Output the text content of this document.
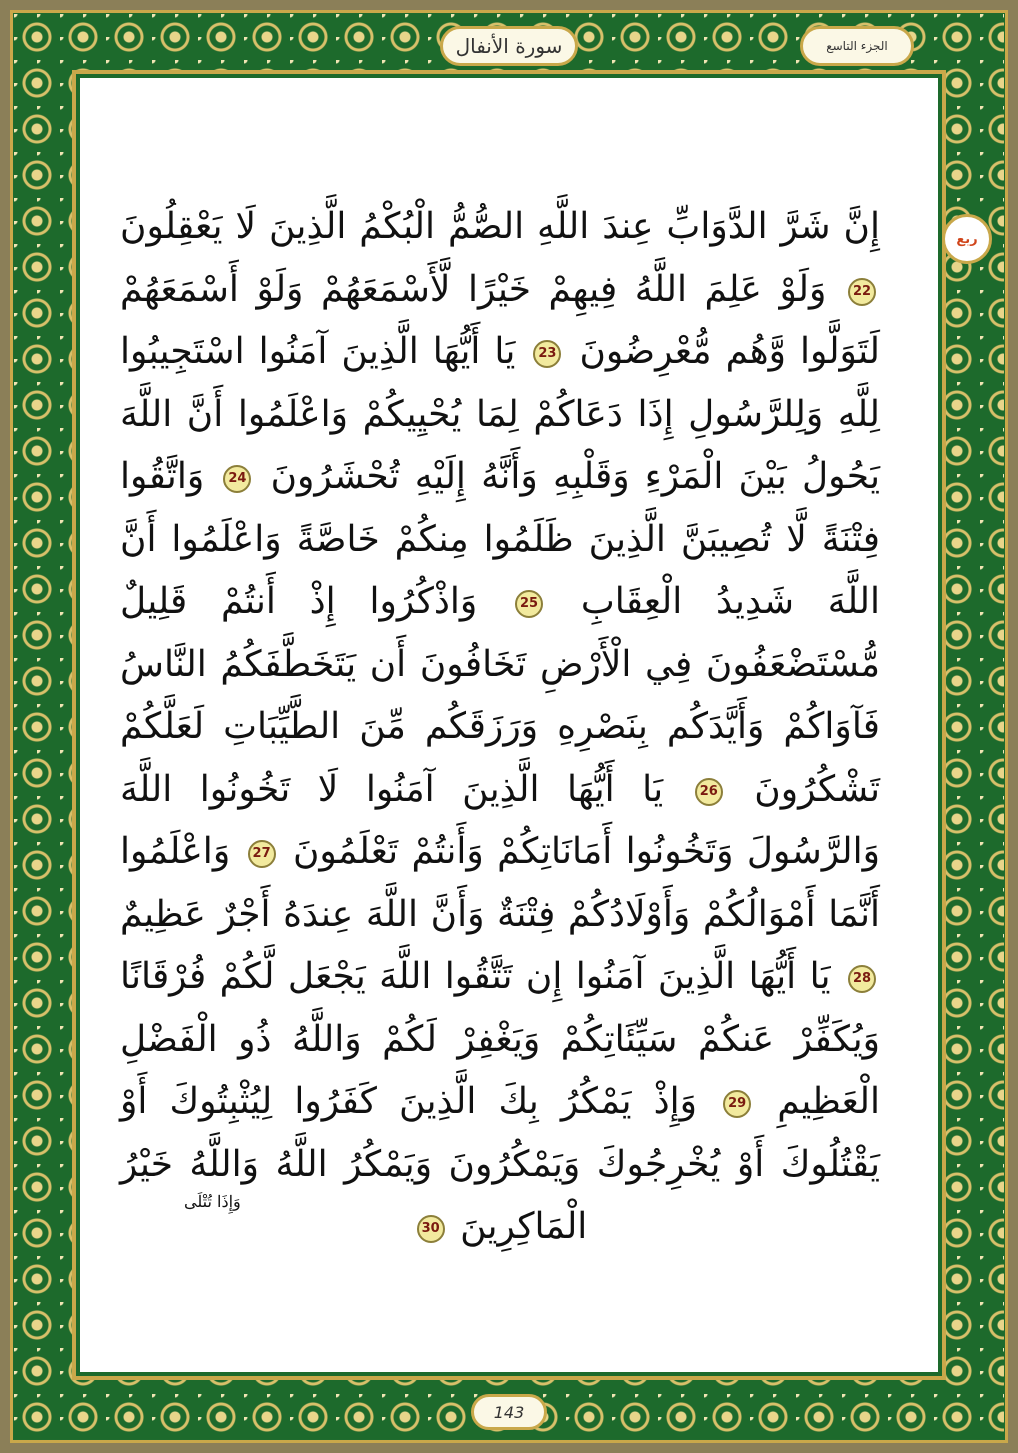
الجزء التاسع
سورة الأنفال
ربع
إِنَّ شَرَّ الدَّوَابِّ عِندَ اللَّهِ الصُّمُّ الْبُكْمُ الَّذِينَ لَا يَعْقِلُونَ 22 وَلَوْ عَلِمَ اللَّهُ فِيهِمْ خَيْرًا لَّأَسْمَعَهُمْ وَلَوْ أَسْمَعَهُمْ لَتَوَلَّوا وَّهُم مُّعْرِضُونَ 23 يَا أَيُّهَا الَّذِينَ آمَنُوا اسْتَجِيبُوا لِلَّهِ وَلِلرَّسُولِ إِذَا دَعَاكُمْ لِمَا يُحْيِيكُمْ وَاعْلَمُوا أَنَّ اللَّهَ يَحُولُ بَيْنَ الْمَرْءِ وَقَلْبِهِ وَأَنَّهُ إِلَيْهِ تُحْشَرُونَ 24 وَاتَّقُوا فِتْنَةً لَّا تُصِيبَنَّ الَّذِينَ ظَلَمُوا مِنكُمْ خَاصَّةً وَاعْلَمُوا أَنَّ اللَّهَ شَدِيدُ الْعِقَابِ 25 وَاذْكُرُوا إِذْ أَنتُمْ قَلِيلٌ مُّسْتَضْعَفُونَ فِي الْأَرْضِ تَخَافُونَ أَن يَتَخَطَّفَكُمُ النَّاسُ فَآوَاكُمْ وَأَيَّدَكُم بِنَصْرِهِ وَرَزَقَكُم مِّنَ الطَّيِّبَاتِ لَعَلَّكُمْ تَشْكُرُونَ 26 يَا أَيُّهَا الَّذِينَ آمَنُوا لَا تَخُونُوا اللَّهَ وَالرَّسُولَ وَتَخُونُوا أَمَانَاتِكُمْ وَأَنتُمْ تَعْلَمُونَ 27 وَاعْلَمُوا أَنَّمَا أَمْوَالُكُمْ وَأَوْلَادُكُمْ فِتْنَةٌ وَأَنَّ اللَّهَ عِندَهُ أَجْرٌ عَظِيمٌ 28 يَا أَيُّهَا الَّذِينَ آمَنُوا إِن تَتَّقُوا اللَّهَ يَجْعَل لَّكُمْ فُرْقَانًا وَيُكَفِّرْ عَنكُمْ سَيِّئَاتِكُمْ وَيَغْفِرْ لَكُمْ وَاللَّهُ ذُو الْفَضْلِ الْعَظِيمِ 29 وَإِذْ يَمْكُرُ بِكَ الَّذِينَ كَفَرُوا لِيُثْبِتُوكَ أَوْ يَقْتُلُوكَ أَوْ يُخْرِجُوكَ وَيَمْكُرُونَ وَيَمْكُرُ اللَّهُ وَاللَّهُ خَيْرُ الْمَاكِرِينَ 30
وَإِذَا تُتْلَى
143
